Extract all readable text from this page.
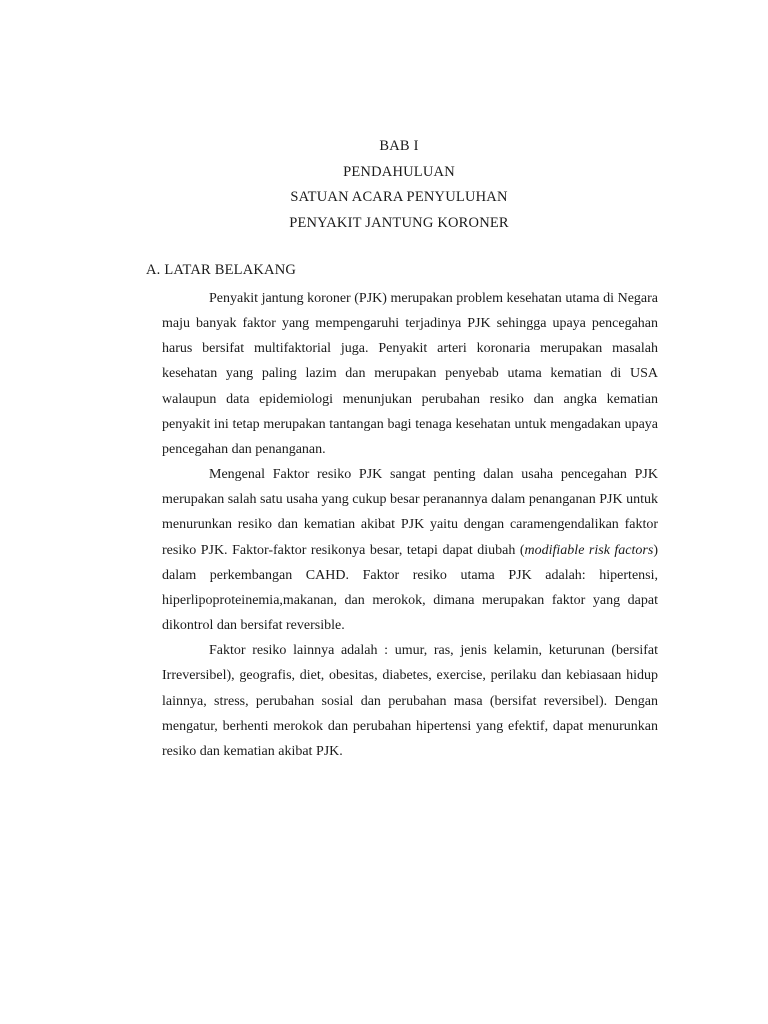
BAB I

PENDAHULUAN

SATUAN ACARA PENYULUHAN

PENYAKIT JANTUNG KORONER

A. LATAR BELAKANG

Penyakit jantung koroner (PJK) merupakan problem kesehatan utama di Negara maju banyak faktor yang mempengaruhi terjadinya PJK sehingga upaya pencegahan harus bersifat multifaktorial juga. Penyakit arteri koronaria merupakan masalah kesehatan yang paling lazim dan merupakan penyebab utama kematian di USA walaupun data epidemiologi menunjukan perubahan resiko dan angka kematian penyakit ini tetap merupakan tantangan bagi tenaga kesehatan untuk mengadakan upaya pencegahan dan penanganan.

Mengenal Faktor resiko PJK sangat penting dalan usaha pencegahan PJK merupakan salah satu usaha yang cukup besar peranannya dalam penanganan PJK untuk menurunkan resiko dan kematian akibat PJK yaitu dengan caramengendalikan faktor resiko PJK. Faktor-faktor resikonya besar, tetapi dapat diubah (modifiable risk factors) dalam perkembangan CAHD. Faktor resiko utama PJK adalah: hipertensi, hiperlipoproteinemia,makanan, dan merokok, dimana merupakan faktor yang dapat dikontrol dan bersifat reversible.

Faktor resiko lainnya adalah : umur, ras, jenis kelamin, keturunan (bersifat Irreversibel), geografis, diet, obesitas, diabetes, exercise, perilaku dan kebiasaan hidup lainnya, stress, perubahan sosial dan perubahan masa (bersifat reversibel). Dengan mengatur, berhenti merokok dan perubahan hipertensi yang efektif, dapat menurunkan resiko dan kematian akibat PJK.
